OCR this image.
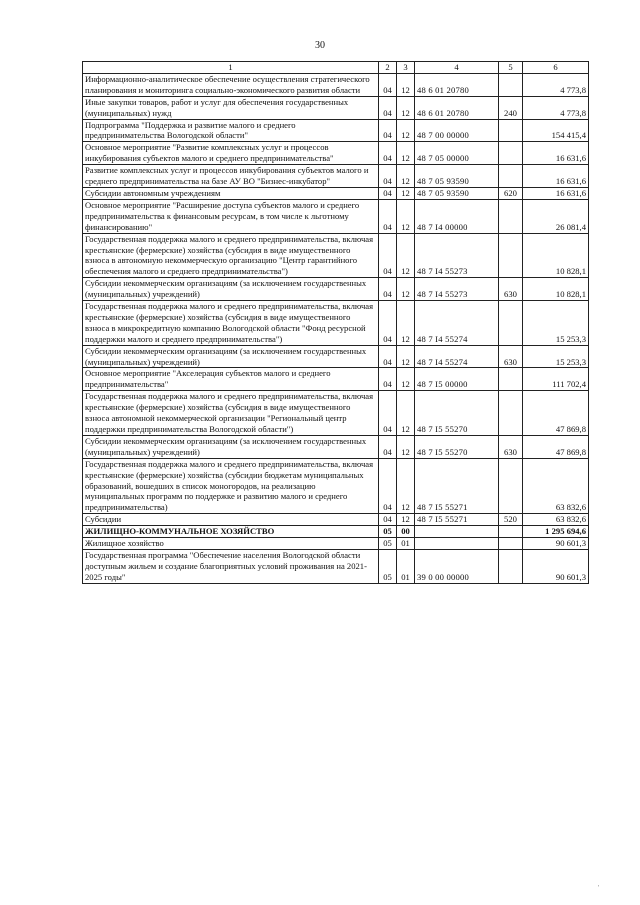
30
1	2	3	4	5	6
Информационно-аналитическое обеспечение осуществления стратегического планирования и мониторинга социально-экономического развития области	04	12	48 6 01 20780		4 773,8
Иные закупки товаров, работ и услуг для обеспечения государственных (муниципальных) нужд	04	12	48 6 01 20780	240	4 773,8
Подпрограмма "Поддержка и развитие малого и среднего предпринимательства Вологодской области"	04	12	48 7 00 00000		154 415,4
Основное мероприятие "Развитие комплексных услуг и процессов инкубирования субъектов малого и среднего предпринимательства"	04	12	48 7 05 00000		16 631,6
Развитие комплексных услуг и процессов инкубирования субъектов малого и среднего предпринимательства на базе АУ ВО "Бизнес-инкубатор"	04	12	48 7 05 93590		16 631,6
Субсидии автономным учреждениям	04	12	48 7 05 93590	620	16 631,6
Основное мероприятие "Расширение доступа субъектов малого и среднего предпринимательства к финансовым ресурсам, в том числе к льготному финансированию"	04	12	48 7 I4 00000		26 081,4
Государственная поддержка малого и среднего предпринимательства, включая крестьянские (фермерские) хозяйства (субсидия в виде имущественного взноса в автономную некоммерческую организацию "Центр гарантийного обеспечения малого и среднего предпринимательства")	04	12	48 7 I4 55273		10 828,1
Субсидии некоммерческим организациям (за исключением государственных (муниципальных) учреждений)	04	12	48 7 I4 55273	630	10 828,1
Государственная поддержка малого и среднего предпринимательства, включая крестьянские (фермерские) хозяйства (субсидия в виде имущественного взноса в микрокредитную компанию Вологодской области "Фонд ресурсной поддержки малого и среднего предпринимательства")	04	12	48 7 I4 55274		15 253,3
Субсидии некоммерческим организациям (за исключением государственных (муниципальных) учреждений)	04	12	48 7 I4 55274	630	15 253,3
Основное мероприятие "Акселерация субъектов малого и среднего предпринимательства"	04	12	48 7 I5 00000		111 702,4
Государственная поддержка малого и среднего предпринимательства, включая крестьянские (фермерские) хозяйства (субсидия в виде имущественного взноса автономной некоммерческой организации "Региональный центр поддержки предпринимательства Вологодской области")	04	12	48 7 I5 55270		47 869,8
Субсидии некоммерческим организациям (за исключением государственных (муниципальных) учреждений)	04	12	48 7 I5 55270	630	47 869,8
Государственная поддержка малого и среднего предпринимательства, включая крестьянские (фермерские) хозяйства (субсидии бюджетам муниципальных образований, вошедших в список моногородов, на реализацию муниципальных программ по поддержке и развитию малого и среднего предпринимательства)	04	12	48 7 I5 55271		63 832,6
Субсидии	04	12	48 7 I5 55271	520	63 832,6
ЖИЛИЩНО-КОММУНАЛЬНОЕ ХОЗЯЙСТВО	05	00			1 295 694,6
Жилищное хозяйство	05	01			90 601,3
Государственная программа "Обеспечение населения Вологодской области доступным жильем и создание благоприятных условий проживания на 2021-2025 годы"	05	01	39 0 00 00000		90 601,3
'
